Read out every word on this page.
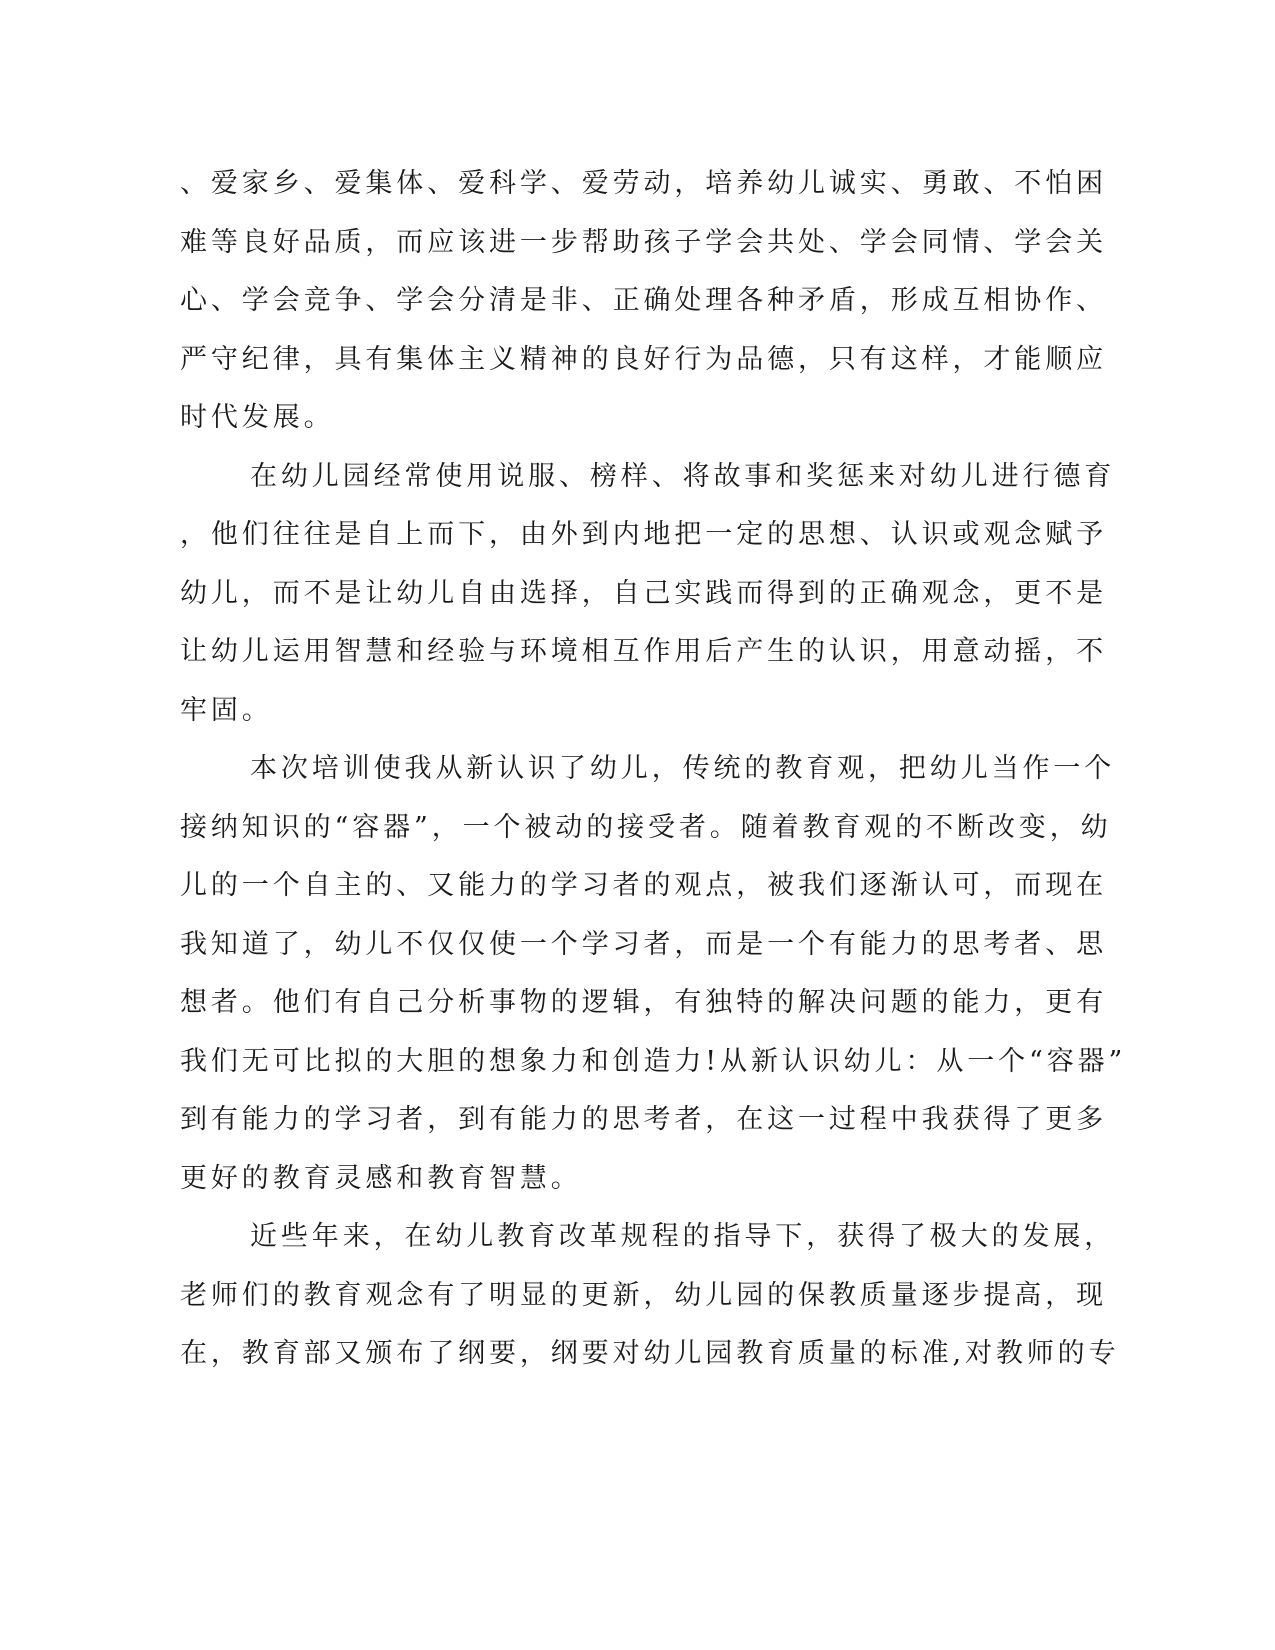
、爱家乡、爱集体、爱科学、爱劳动，培养幼儿诚实、勇敢、不怕困
难等良好品质，而应该进一步帮助孩子学会共处、学会同情、学会关
心、学会竞争、学会分清是非、正确处理各种矛盾，形成互相协作、
严守纪律，具有集体主义精神的良好行为品德，只有这样，才能顺应
时代发展。
在幼儿园经常使用说服、榜样、将故事和奖惩来对幼儿进行德育
，他们往往是自上而下，由外到内地把一定的思想、认识或观念赋予
幼儿，而不是让幼儿自由选择，自己实践而得到的正确观念，更不是
让幼儿运用智慧和经验与环境相互作用后产生的认识，用意动摇，不
牢固。
本次培训使我从新认识了幼儿，传统的教育观，把幼儿当作一个
接纳知识的“容器”，一个被动的接受者。随着教育观的不断改变，幼
儿的一个自主的、又能力的学习者的观点，被我们逐渐认可，而现在
我知道了，幼儿不仅仅使一个学习者，而是一个有能力的思考者、思
想者。他们有自己分析事物的逻辑，有独特的解决问题的能力，更有
我们无可比拟的大胆的想象力和创造力!从新认识幼儿：从一个“容器”
到有能力的学习者，到有能力的思考者，在这一过程中我获得了更多
更好的教育灵感和教育智慧。
近些年来，在幼儿教育改革规程的指导下，获得了极大的发展，
老师们的教育观念有了明显的更新，幼儿园的保教质量逐步提高，现
在，教育部又颁布了纲要，纲要对幼儿园教育质量的标准,对教师的专
